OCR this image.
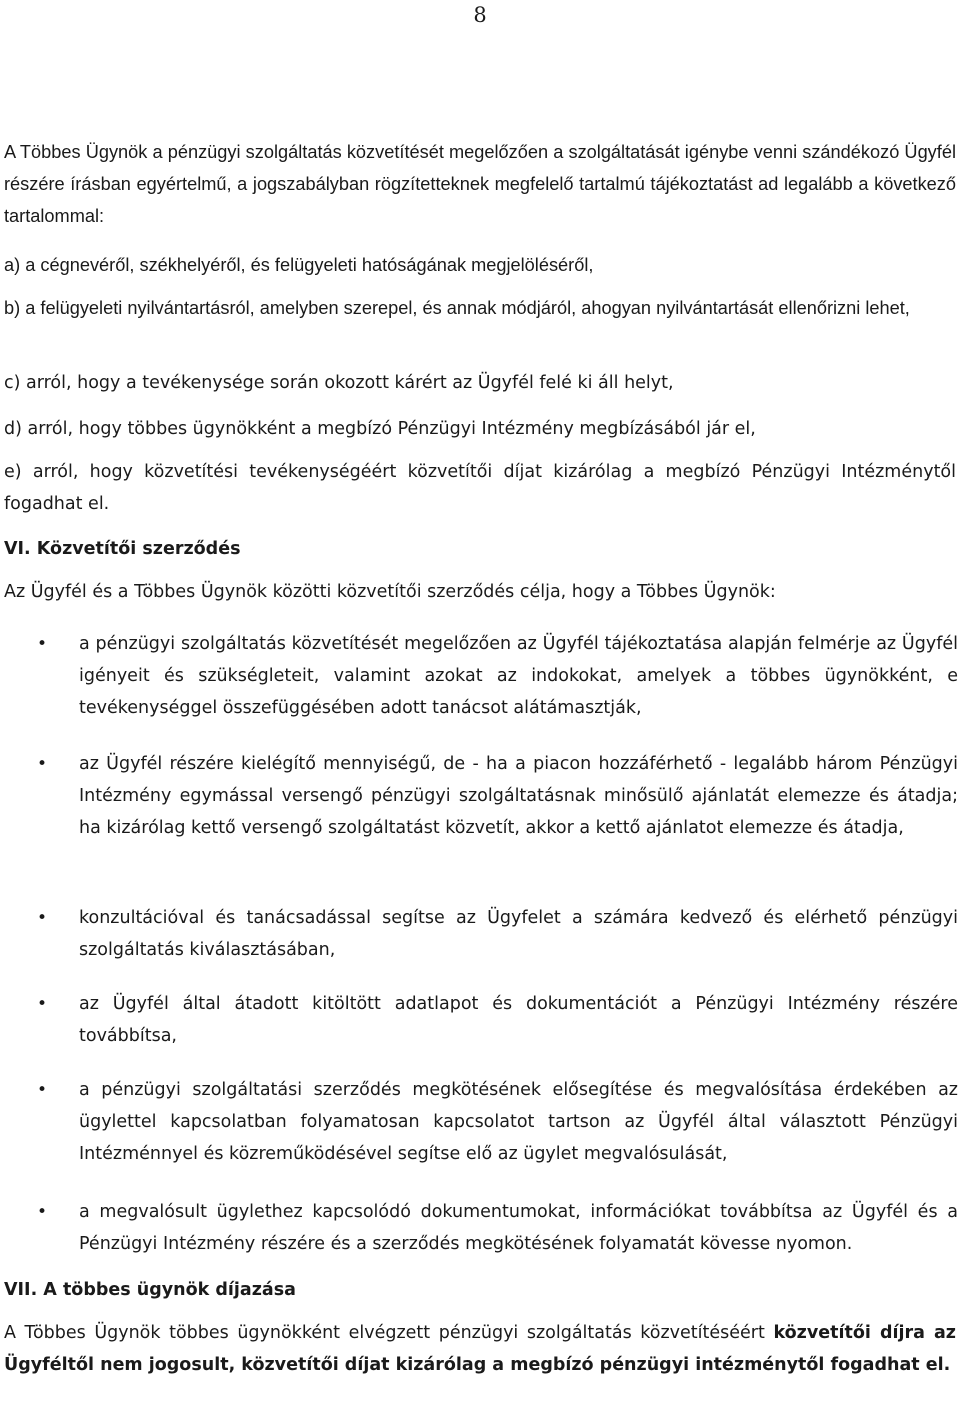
8

A Többes Ügynök a pénzügyi szolgáltatás közvetítését megelőzően a szolgáltatását igénybe venni szándékozó Ügyfél részére írásban egyértelmű, a jogszabályban rögzítetteknek megfelelő tartalmú tájékoztatást ad legalább a következő tartalommal:

a) a cégnevéről, székhelyéről, és felügyeleti hatóságának megjelöléséről,

b) a felügyeleti nyilvántartásról, amelyben szerepel, és annak módjáról, ahogyan nyilvántartását ellenőrizni lehet,

c) arról, hogy a tevékenysége során okozott kárért az Ügyfél felé ki áll helyt,

d) arról, hogy többes ügynökként a megbízó Pénzügyi Intézmény megbízásából jár el,

e) arról, hogy közvetítési tevékenységéért közvetítői díjat kizárólag a megbízó Pénzügyi Intézménytől fogadhat el.

VI. Közvetítői szerződés

Az Ügyfél és a Többes Ügynök közötti közvetítői szerződés célja, hogy a Többes Ügynök:

• a pénzügyi szolgáltatás közvetítését megelőzően az Ügyfél tájékoztatása alapján felmérje az Ügyfél igényeit és szükségleteit, valamint azokat az indokokat, amelyek a többes ügynökként, e tevékenységgel összefüggésében adott tanácsot alátámasztják,
• az Ügyfél részére kielégítő mennyiségű, de - ha a piacon hozzáférhető - legalább három Pénzügyi Intézmény egymással versengő pénzügyi szolgáltatásnak minősülő ajánlatát elemezze és átadja; ha kizárólag kettő versengő szolgáltatást közvetít, akkor a kettő ajánlatot elemezze és átadja,
• konzultációval és tanácsadással segítse az Ügyfelet a számára kedvező és elérhető pénzügyi szolgáltatás kiválasztásában,
• az Ügyfél által átadott kitöltött adatlapot és dokumentációt a Pénzügyi Intézmény részére továbbítsa,
• a pénzügyi szolgáltatási szerződés megkötésének elősegítése és megvalósítása érdekében az ügylettel kapcsolatban folyamatosan kapcsolatot tartson az Ügyfél által választott Pénzügyi Intézménnyel és közreműködésével segítse elő az ügylet megvalósulását,
• a megvalósult ügylethez kapcsolódó dokumentumokat, információkat továbbítsa az Ügyfél és a Pénzügyi Intézmény részére és a szerződés megkötésének folyamatát kövesse nyomon.
VII. A többes ügynök díjazása

A Többes Ügynök többes ügynökként elvégzett pénzügyi szolgáltatás közvetítéséért közvetítői díjra az Ügyféltől nem jogosult, közvetítői díjat kizárólag a megbízó pénzügyi intézménytől fogadhat el.
